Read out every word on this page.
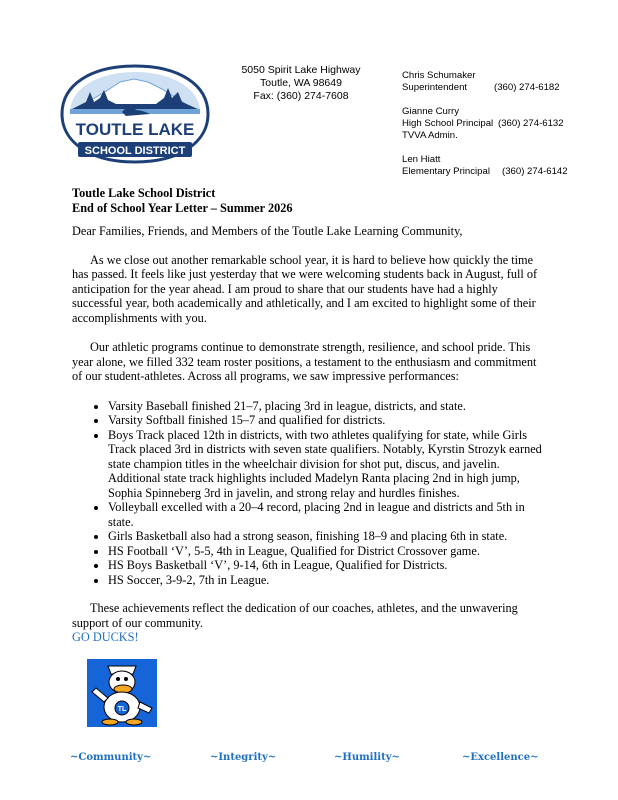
TOUTLE LAKE
SCHOOL DISTRICT
5050 Spirit Lake Highway
Toutle, WA 98649
Fax: (360) 274-7608
Chris Schumaker
Superintendent	(360) 274-6182
Gianne Curry
High School Principal (360) 274-6132
TVVA Admin.
Len Hiatt
Elementary Principal	(360) 274-6142
Toutle Lake School District
End of School Year Letter – Summer 2026

Dear Families, Friends, and Members of the Toutle Lake Learning Community,

As we close out another remarkable school year, it is hard to believe how quickly the time has passed. It feels like just yesterday that we were welcoming students back in August, full of anticipation for the year ahead. I am proud to share that our students have had a highly successful year, both academically and athletically, and I am excited to highlight some of their accomplishments with you.

Our athletic programs continue to demonstrate strength, resilience, and school pride. This year alone, we filled 332 team roster positions, a testament to the enthusiasm and commitment of our student-athletes. Across all programs, we saw impressive performances:

• Varsity Baseball finished 21–7, placing 3rd in league, districts, and state.
• Varsity Softball finished 15–7 and qualified for districts.
• Boys Track placed 12th in districts, with two athletes qualifying for state, while Girls Track placed 3rd in districts with seven state qualifiers. Notably, Kyrstin Strozyk earned state champion titles in the wheelchair division for shot put, discus, and javelin. Additional state track highlights included Madelyn Ranta placing 2nd in high jump, Sophia Spinneberg 3rd in javelin, and strong relay and hurdles finishes.
• Volleyball excelled with a 20–4 record, placing 2nd in league and districts and 5th in state.
• Girls Basketball also had a strong season, finishing 18–9 and placing 6th in state.
• HS Football ‘V’, 5-5, 4th in League, Qualified for District Crossover game.
• HS Boys Basketball ‘V’, 9-14, 6th in League, Qualified for Districts.
• HS Soccer, 3-9-2, 7th in League.

These achievements reflect the dedication of our coaches, athletes, and the unwavering support of our community.

GO DUCKS!

TL
~Community~	~Integrity~	~Humility~	~Excellence~
